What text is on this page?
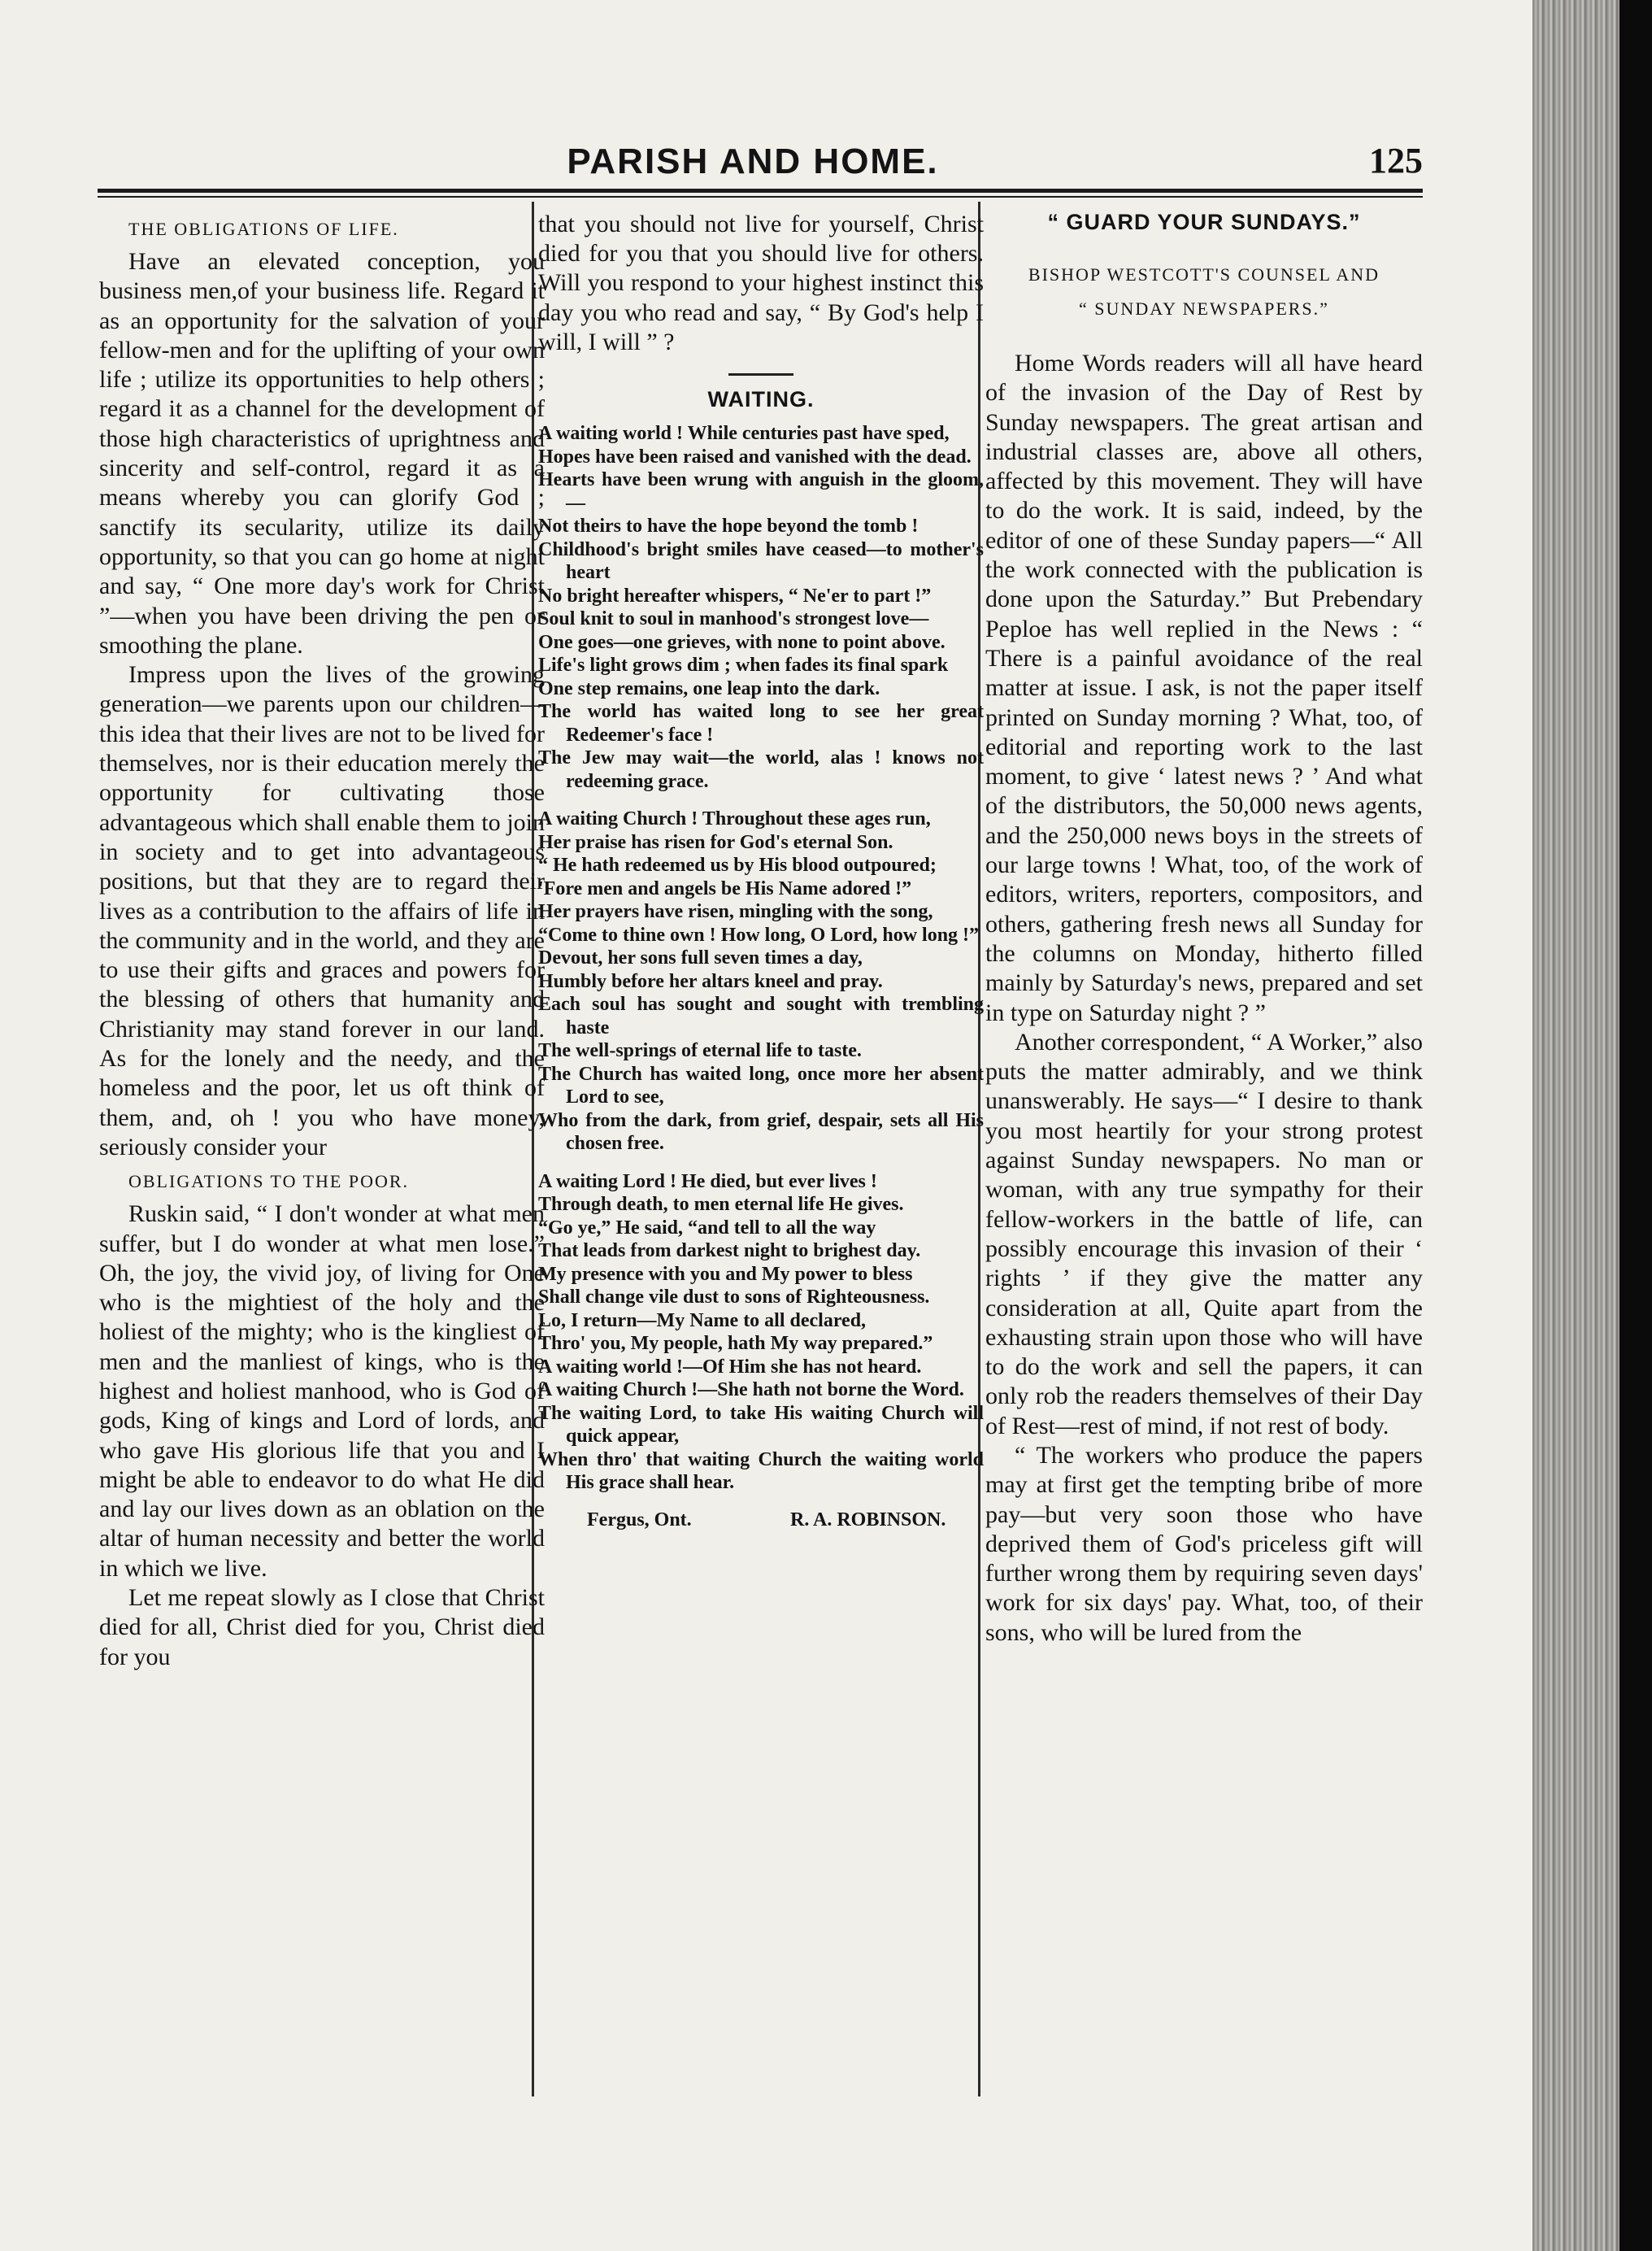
PARISH AND HOME.	125

THE OBLIGATIONS OF LIFE.

Have an elevated conception, you business men,of your business life. Regard it as an opportunity for the salvation of your fellow-men and for the uplifting of your own life ; utilize its opportunities to help others ; regard it as a channel for the development of those high characteristics of uprightness and sincerity and self-control, regard it as a means whereby you can glorify God ; sanctify its secularity, utilize its daily opportunity, so that you can go home at night and say, “ One more day's work for Christ ”—when you have been driving the pen or smoothing the plane.

Impress upon the lives of the growing generation—we parents upon our children—this idea that their lives are not to be lived for themselves, nor is their education merely the opportunity for cultivating those advantageous which shall enable them to join in society and to get into advantageous positions, but that they are to regard their lives as a contribution to the affairs of life in the community and in the world, and they are to use their gifts and graces and powers for the blessing of others that humanity and Christianity may stand forever in our land. As for the lonely and the needy, and the homeless and the poor, let us oft think of them, and, oh ! you who have money, seriously consider your

OBLIGATIONS TO THE POOR.

Ruskin said, “ I don't wonder at what men suffer, but I do wonder at what men lose.” Oh, the joy, the vivid joy, of living for One who is the mightiest of the holy and the holiest of the mighty; who is the kingliest of men and the manliest of kings, who is the highest and holiest manhood, who is God of gods, King of kings and Lord of lords, and who gave His glorious life that you and I might be able to endeavor to do what He did and lay our lives down as an oblation on the altar of human necessity and better the world in which we live.

Let me repeat slowly as I close that Christ died for all, Christ died for you, Christ died for you

that you should not live for yourself, Christ died for you that you should live for others. Will you respond to your highest instinct this day you who read and say, “ By God's help I will, I will ” ?

WAITING.

A waiting world ! While centuries past have sped,

Hopes have been raised and vanished with the dead.

Hearts have been wrung with anguish in the gloom,—

Not theirs to have the hope beyond the tomb !

Childhood's bright smiles have ceased—to mother's heart

No bright hereafter whispers, “ Ne'er to part !”

Soul knit to soul in manhood's strongest love—

One goes—one grieves, with none to point above.

Life's light grows dim ; when fades its final spark

One step remains, one leap into the dark.

The world has waited long to see her great Redeemer's face !

The Jew may wait—the world, alas ! knows not redeeming grace.

A waiting Church ! Throughout these ages run,

Her praise has risen for God's eternal Son.

“ He hath redeemed us by His blood outpoured;

'Fore men and angels be His Name adored !”

Her prayers have risen, mingling with the song,

“Come to thine own ! How long, O Lord, how long !”

Devout, her sons full seven times a day,

Humbly before her altars kneel and pray.

Each soul has sought and sought with trembling haste

The well-springs of eternal life to taste.

The Church has waited long, once more her absent Lord to see,

Who from the dark, from grief, despair, sets all His chosen free.

A waiting Lord ! He died, but ever lives !

Through death, to men eternal life He gives.

“Go ye,” He said, “and tell to all the way

That leads from darkest night to brighest day.

My presence with you and My power to bless

Shall change vile dust to sons of Righteousness.

Lo, I return—My Name to all declared,

Thro' you, My people, hath My way prepared.”

A waiting world !—Of Him she has not heard.

A waiting Church !—She hath not borne the Word.

The waiting Lord, to take His waiting Church will quick appear,

When thro' that waiting Church the waiting world His grace shall hear.

Fergus, Ont.	R. A. ROBINSON.

“ GUARD YOUR SUNDAYS.”

BISHOP WESTCOTT'S COUNSEL AND
“ SUNDAY NEWSPAPERS.”

Home Words readers will all have heard of the invasion of the Day of Rest by Sunday newspapers. The great artisan and industrial classes are, above all others, affected by this movement. They will have to do the work. It is said, indeed, by the editor of one of these Sunday papers—“ All the work connected with the publication is done upon the Saturday.” But Prebendary Peploe has well replied in the News : “ There is a painful avoidance of the real matter at issue. I ask, is not the paper itself printed on Sunday morning ? What, too, of editorial and reporting work to the last moment, to give ‘ latest news ? ’ And what of the distributors, the 50,000 news agents, and the 250,000 news boys in the streets of our large towns ! What, too, of the work of editors, writers, reporters, compositors, and others, gathering fresh news all Sunday for the columns on Monday, hitherto filled mainly by Saturday's news, prepared and set in type on Saturday night ? ”

Another correspondent, “ A Worker,” also puts the matter admirably, and we think unanswerably. He says—“ I desire to thank you most heartily for your strong protest against Sunday newspapers. No man or woman, with any true sympathy for their fellow-workers in the battle of life, can possibly encourage this invasion of their ‘ rights ’ if they give the matter any consideration at all, Quite apart from the exhausting strain upon those who will have to do the work and sell the papers, it can only rob the readers themselves of their Day of Rest—rest of mind, if not rest of body.

“ The workers who produce the papers may at first get the tempting bribe of more pay—but very soon those who have deprived them of God's priceless gift will further wrong them by requiring seven days' work for six days' pay. What, too, of their sons, who will be lured from the
